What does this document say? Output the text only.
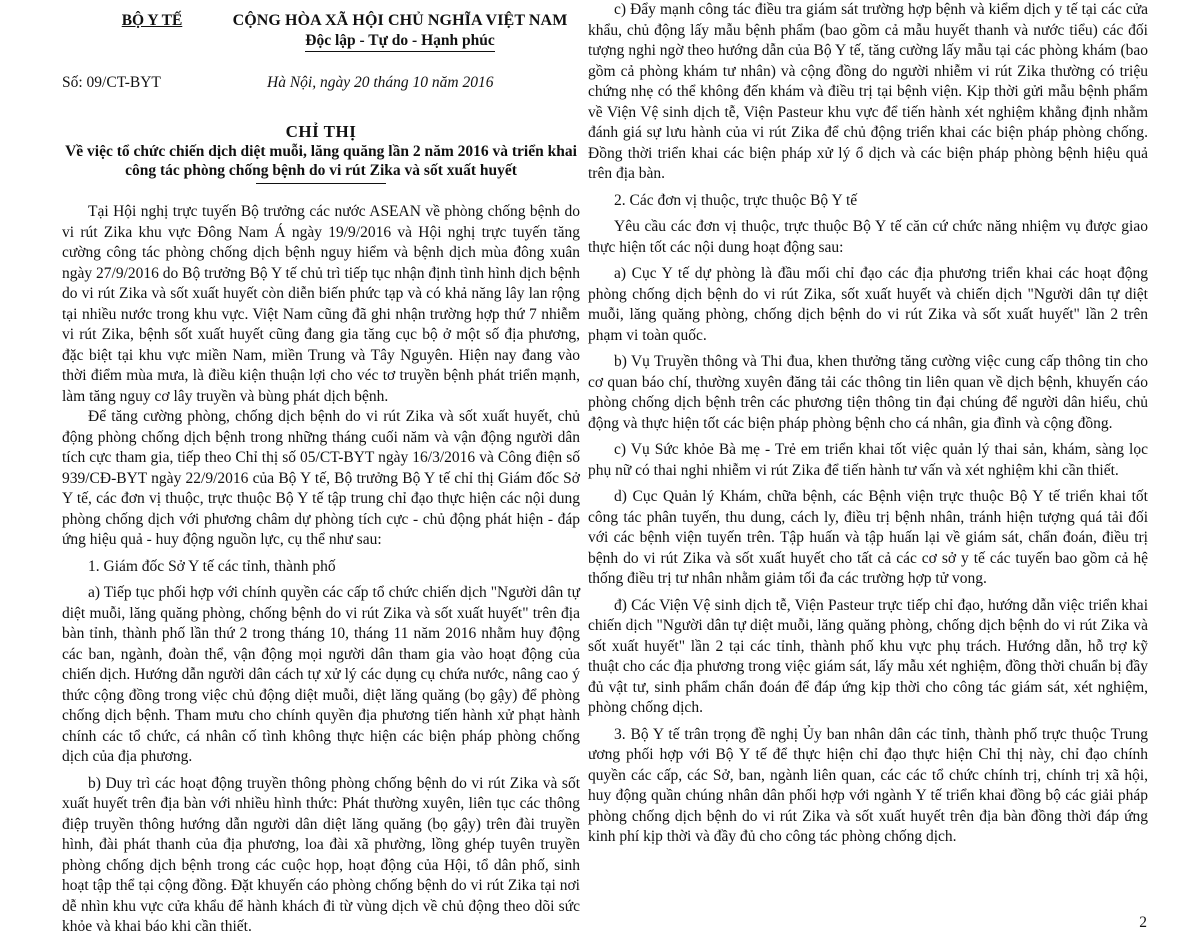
BỘ Y TẾ	CỘNG HÒA XÃ HỘI CHỦ NGHĨA VIỆT NAM
Độc lập - Tự do - Hạnh phúc
Số: 09/CT-BYT	Hà Nội, ngày 20 tháng 10 năm 2016
CHỈ THỊ
Về việc tổ chức chiến dịch diệt muỗi, lăng quăng lần 2 năm 2016 và triển khai công tác phòng chống bệnh do vi rút Zika và sốt xuất huyết

Tại Hội nghị trực tuyến Bộ trưởng các nước ASEAN về phòng chống bệnh do vi rút Zika khu vực Đông Nam Á ngày 19/9/2016 và Hội nghị trực tuyến tăng cường công tác phòng chống dịch bệnh nguy hiểm và bệnh dịch mùa đông xuân ngày 27/9/2016 do Bộ trưởng Bộ Y tế chủ trì tiếp tục nhận định tình hình dịch bệnh do vi rút Zika và sốt xuất huyết còn diễn biến phức tạp và có khả năng lây lan rộng tại nhiều nước trong khu vực. Việt Nam cũng đã ghi nhận trường hợp thứ 7 nhiễm vi rút Zika, bệnh sốt xuất huyết cũng đang gia tăng cục bộ ở một số địa phương, đặc biệt tại khu vực miền Nam, miền Trung và Tây Nguyên. Hiện nay đang vào thời điểm mùa mưa, là điều kiện thuận lợi cho véc tơ truyền bệnh phát triển mạnh, làm tăng nguy cơ lây truyền và bùng phát dịch bệnh.

Để tăng cường phòng, chống dịch bệnh do vi rút Zika và sốt xuất huyết, chủ động phòng chống dịch bệnh trong những tháng cuối năm và vận động người dân tích cực tham gia, tiếp theo Chỉ thị số 05/CT-BYT ngày 16/3/2016 và Công điện số 939/CĐ-BYT ngày 22/9/2016 của Bộ Y tế, Bộ trưởng Bộ Y tế chỉ thị Giám đốc Sở Y tế, các đơn vị thuộc, trực thuộc Bộ Y tế tập trung chỉ đạo thực hiện các nội dung phòng chống dịch với phương châm dự phòng tích cực - chủ động phát hiện - đáp ứng hiệu quả - huy động nguồn lực, cụ thể như sau:

1. Giám đốc Sở Y tế các tỉnh, thành phố

a) Tiếp tục phối hợp với chính quyền các cấp tổ chức chiến dịch "Người dân tự diệt muỗi, lăng quăng phòng, chống bệnh do vi rút Zika và sốt xuất huyết" trên địa bàn tỉnh, thành phố lần thứ 2 trong tháng 10, tháng 11 năm 2016 nhằm huy động các ban, ngành, đoàn thể, vận động mọi người dân tham gia vào hoạt động của chiến dịch. Hướng dẫn người dân cách tự xử lý các dụng cụ chứa nước, nâng cao ý thức cộng đồng trong việc chủ động diệt muỗi, diệt lăng quăng (bọ gậy) để phòng chống dịch bệnh. Tham mưu cho chính quyền địa phương tiến hành xử phạt hành chính các tổ chức, cá nhân cố tình không thực hiện các biện pháp phòng chống dịch của địa phương.

b) Duy trì các hoạt động truyền thông phòng chống bệnh do vi rút Zika và sốt xuất huyết trên địa bàn với nhiều hình thức: Phát thường xuyên, liên tục các thông điệp truyền thông hướng dẫn người dân diệt lăng quăng (bọ gậy) trên đài truyền hình, đài phát thanh của địa phương, loa đài xã phường, lồng ghép tuyên truyền phòng chống dịch bệnh trong các cuộc họp, hoạt động của Hội, tổ dân phố, sinh hoạt tập thể tại cộng đồng. Đặt khuyến cáo phòng chống bệnh do vi rút Zika tại nơi dễ nhìn khu vực cửa khẩu để hành khách đi từ vùng dịch về chủ động theo dõi sức khỏe và khai báo khi cần thiết.

c) Đẩy mạnh công tác điều tra giám sát trường hợp bệnh và kiểm dịch y tế tại các cửa khẩu, chủ động lấy mẫu bệnh phẩm (bao gồm cả mẫu huyết thanh và nước tiểu) các đối tượng nghi ngờ theo hướng dẫn của Bộ Y tế, tăng cường lấy mẫu tại các phòng khám (bao gồm cả phòng khám tư nhân) và cộng đồng do người nhiễm vi rút Zika thường có triệu chứng nhẹ có thể không đến khám và điều trị tại bệnh viện. Kịp thời gửi mẫu bệnh phẩm về Viện Vệ sinh dịch tễ, Viện Pasteur khu vực để tiến hành xét nghiệm khẳng định nhằm đánh giá sự lưu hành của vi rút Zika để chủ động triển khai các biện pháp phòng chống. Đồng thời triển khai các biện pháp xử lý ổ dịch và các biện pháp phòng bệnh hiệu quả trên địa bàn.

2. Các đơn vị thuộc, trực thuộc Bộ Y tế

Yêu cầu các đơn vị thuộc, trực thuộc Bộ Y tế căn cứ chức năng nhiệm vụ được giao thực hiện tốt các nội dung hoạt động sau:

a) Cục Y tế dự phòng là đầu mối chỉ đạo các địa phương triển khai các hoạt động phòng chống dịch bệnh do vi rút Zika, sốt xuất huyết và chiến dịch "Người dân tự diệt muỗi, lăng quăng phòng, chống dịch bệnh do vi rút Zika và sốt xuất huyết" lần 2 trên phạm vi toàn quốc.

b) Vụ Truyền thông và Thi đua, khen thưởng tăng cường việc cung cấp thông tin cho cơ quan báo chí, thường xuyên đăng tải các thông tin liên quan về dịch bệnh, khuyến cáo phòng chống dịch bệnh trên các phương tiện thông tin đại chúng để người dân hiểu, chủ động và thực hiện tốt các biện pháp phòng bệnh cho cá nhân, gia đình và cộng đồng.

c) Vụ Sức khỏe Bà mẹ - Trẻ em triển khai tốt việc quản lý thai sản, khám, sàng lọc phụ nữ có thai nghi nhiễm vi rút Zika để tiến hành tư vấn và xét nghiệm khi cần thiết.

d) Cục Quản lý Khám, chữa bệnh, các Bệnh viện trực thuộc Bộ Y tế triển khai tốt công tác phân tuyến, thu dung, cách ly, điều trị bệnh nhân, tránh hiện tượng quá tải đối với các bệnh viện tuyến trên. Tập huấn và tập huấn lại về giám sát, chẩn đoán, điều trị bệnh do vi rút Zika và sốt xuất huyết cho tất cả các cơ sở y tế các tuyến bao gồm cả hệ thống điều trị tư nhân nhằm giảm tối đa các trường hợp tử vong.

đ) Các Viện Vệ sinh dịch tễ, Viện Pasteur trực tiếp chỉ đạo, hướng dẫn việc triển khai chiến dịch "Người dân tự diệt muỗi, lăng quăng phòng, chống dịch bệnh do vi rút Zika và sốt xuất huyết" lần 2 tại các tỉnh, thành phố khu vực phụ trách. Hướng dẫn, hỗ trợ kỹ thuật cho các địa phương trong việc giám sát, lấy mẫu xét nghiệm, đồng thời chuẩn bị đầy đủ vật tư, sinh phẩm chẩn đoán để đáp ứng kịp thời cho công tác giám sát, xét nghiệm, phòng chống dịch.

3. Bộ Y tế trân trọng đề nghị Ủy ban nhân dân các tỉnh, thành phố trực thuộc Trung ương phối hợp với Bộ Y tế để thực hiện chỉ đạo thực hiện Chỉ thị này, chỉ đạo chính quyền các cấp, các Sở, ban, ngành liên quan, các các tổ chức chính trị, chính trị xã hội, huy động quần chúng nhân dân phối hợp với ngành Y tế triển khai đồng bộ các giải pháp phòng chống dịch bệnh do vi rút Zika và sốt xuất huyết trên địa bàn đồng thời đáp ứng kinh phí kịp thời và đầy đủ cho công tác phòng chống dịch.

2
